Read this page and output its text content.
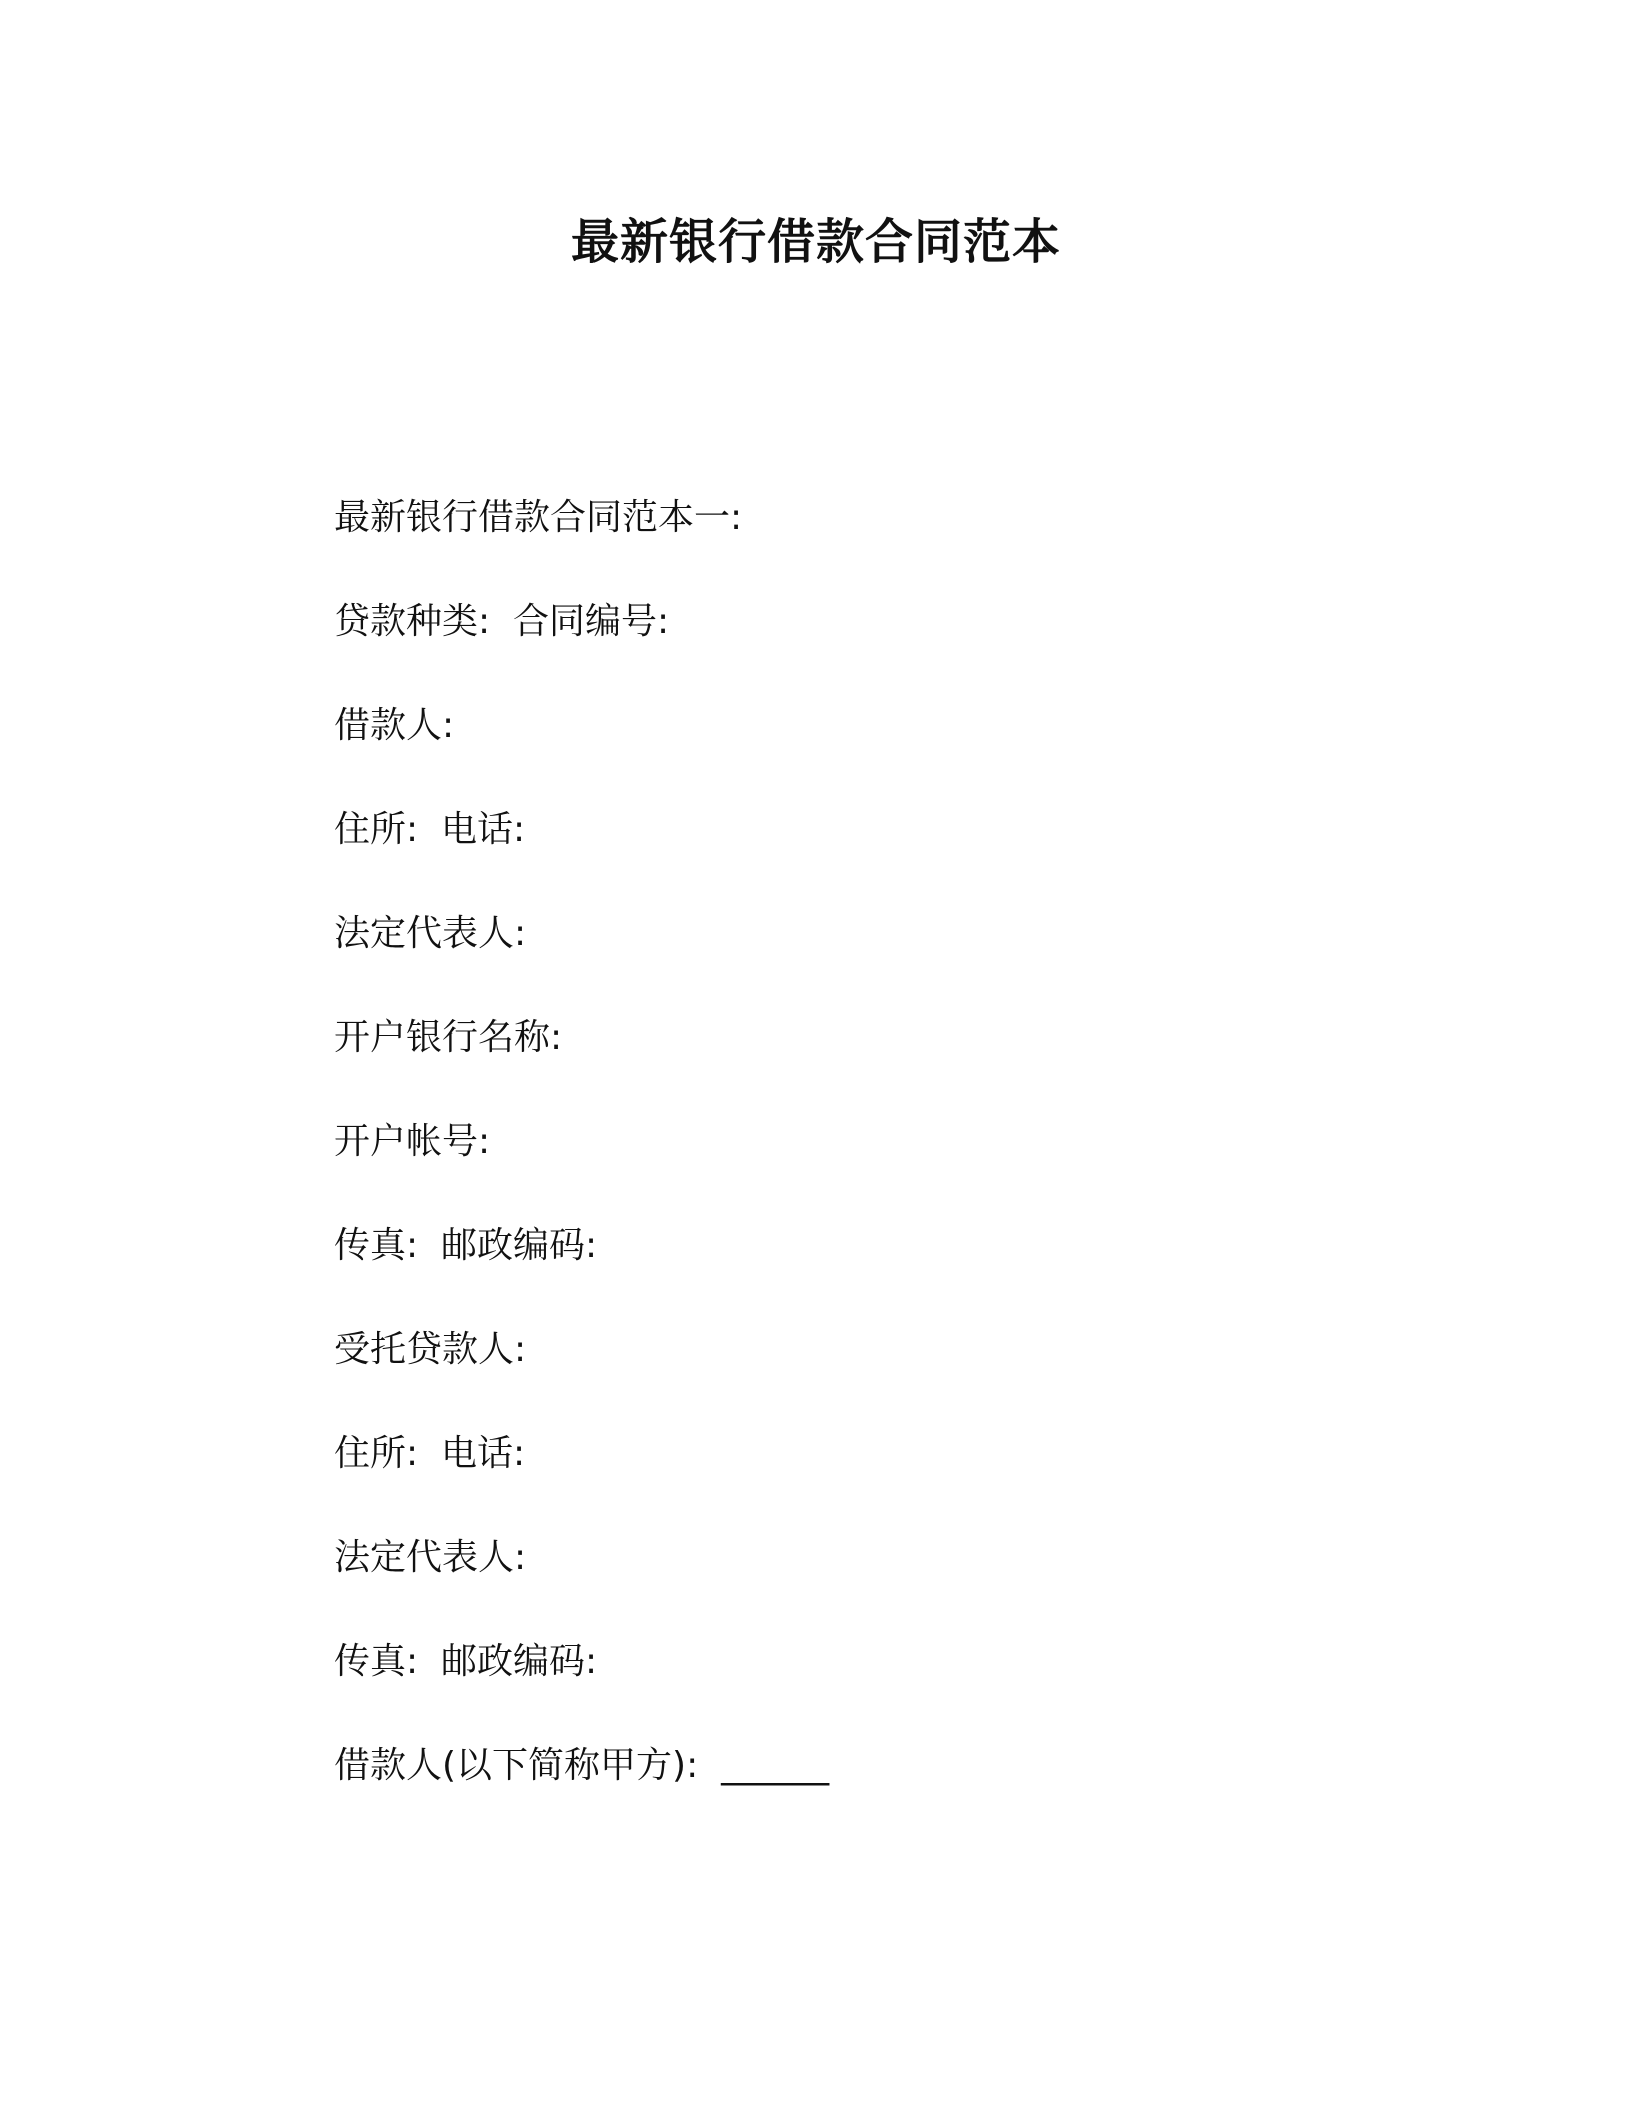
最新银行借款合同范本
最新银行借款合同范本一:
贷款种类:  合同编号:
借款人:
住所:  电话:
法定代表人:
开户银行名称:
开户帐号:
传真:  邮政编码:
受托贷款人:
住所:  电话:
法定代表人:
传真:  邮政编码:
借款人(以下简称甲方):  ______
